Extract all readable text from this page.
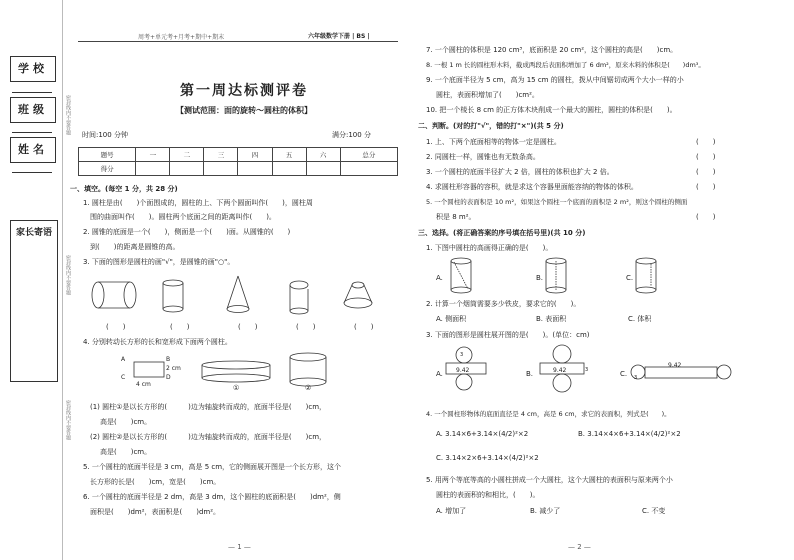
学校
班级
姓名
家长寄语
密封线内不要答题
密封线内不要答题
密封线内不要答题
周考+单元考+月考+期中+期末	六年级数学下册 | BS |
第一周达标测评卷
【测试范围：面的旋转～圆柱的体积】
时间:100 分钟	满分:100 分
题号	一	二	三	四	五	六	总分
得分							
一、填空。(每空 1 分，共 28 分)
1. 圆柱是由(　　)个面围成的，圆柱的上、下两个圆面叫作(　　)，圆柱周
围的曲面叫作(　　)。圆柱两个底面之间的距离叫作(　　)。
2. 圆锥的底面是一个(　　)，侧面是一个(　　)面。从圆锥的(　　)
到(　　)的距离是圆锥的高。
3. 下面的图形是圆柱的画"√"，是圆锥的画"○"。
(　　)	(　　)	(　　)	(　　)	(　　)
4. 分别转动长方形的长和宽形成下面两个圆柱。
A	B
C	D
4 cm
2 cm
①	②
(1) 圆柱①是以长方形的(　　　)边为轴旋转而成的，底面半径是(　　)cm，
高是(　　)cm。
(2) 圆柱②是以长方形的(　　　)边为轴旋转而成的，底面半径是(　　)cm，
高是(　　)cm。
5. 一个圆柱的底面半径是 3 cm，高是 5 cm，它的侧面展开图是一个长方形，这个
长方形的长是(　　)cm，宽是(　　)cm。
6. 一个圆柱的底面半径是 2 dm，高是 3 dm，这个圆柱的底面积是(　　)dm²，侧
面积是(　　)dm²，表面积是(　　)dm²。
— 1 —
7. 一个圆柱的体积是 120 cm³，底面积是 20 cm²，这个圆柱的高是(　　)cm。
8. 一根 1 m 长的圆柱形木料，截成两段后表面积增加了 6 dm²，原来木料的体积是(　　)dm³。
9. 一个底面半径为 5 cm，高为 15 cm 的圆柱，拨从中间锯切成两个大小一样的小
圆柱，表面积增加了(　　)cm²。
10. 把一个棱长 8 cm 的正方体木块削成一个最大的圆柱，圆柱的体积是(　　)。
二、判断。(对的打"√"，错的打"×")(共 5 分)
1. 上、下两个底面相等的物体一定是圆柱。	(　　)
2. 同圆柱一样，圆锥也有无数条高。	(　　)
3. 一个圆柱的底面半径扩大 2 倍，圆柱的体积也扩大 2 倍。	(　　)
4. 求圆柱形容器的容积，就是求这个容器里面能容纳的物体的体积。	(　　)
5. 一个圆柱的表面积是 10 m²，如果这个圆柱一个底面的面积是 2 m²，则这个圆柱的侧面
积是 8 m²。	(　　)
三、选择。(将正确答案的序号填在括号里)(共 10 分)
1. 下图中圆柱的高画得正确的是(　　)。
A.	B.	C.
2. 计算一个烟筒需要多少铁皮，要求它的(　　)。
A. 侧面积	B. 表面积	C. 体积
3. 下面的图形是圆柱展开图的是(　　)。(单位：cm)
A.	B.	C.
9.42	9.42
9.42
3
3
3
4. 一个圆柱形物体的底面直径是 4 cm，高是 6 cm，求它的表面积，列式是(　　)。
A. 3.14×6+3.14×(4/2)²×2	B. 3.14×4×6+3.14×(4/2)²×2
C. 3.14×2×6+3.14×(4/2)²×2
5. 用两个等底等高的小圆柱拼成一个大圆柱，这个大圆柱的表面积与原来两个小
圆柱的表面积的和相比，(　　)。
A. 增加了	B. 减少了	C. 不变
— 2 —
